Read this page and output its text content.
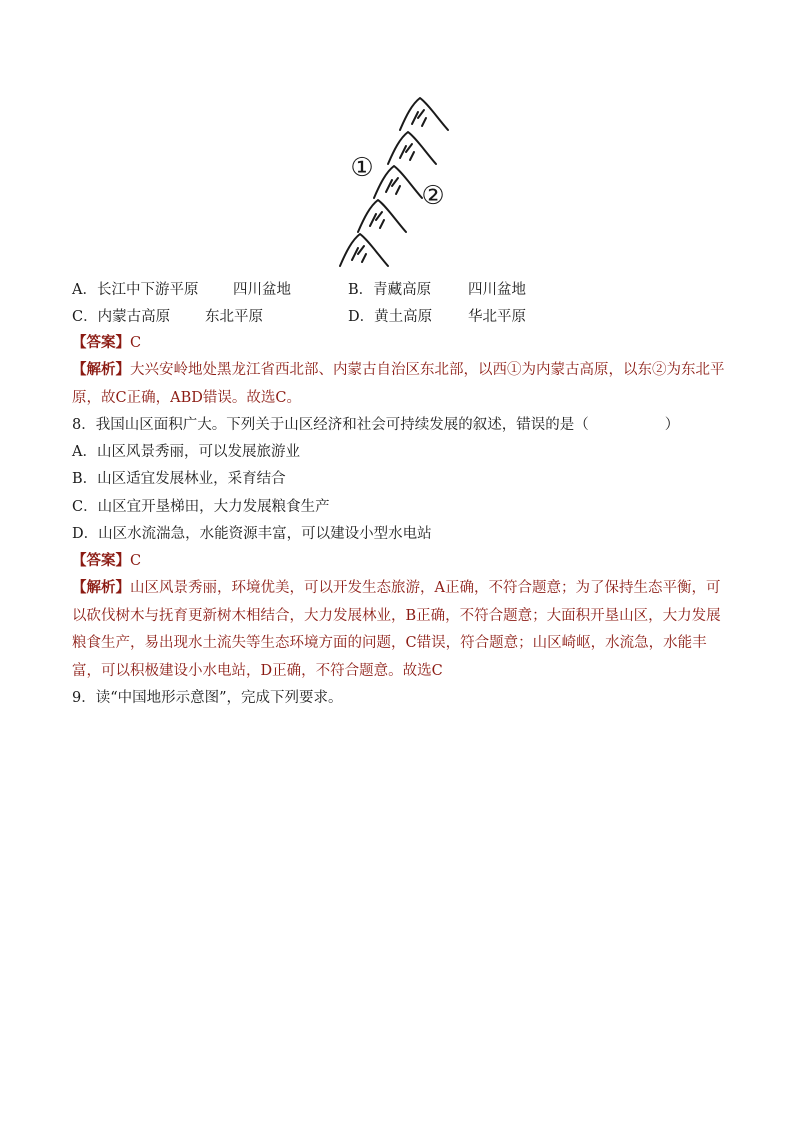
①
②
A．长江中下游平原 四川盆地	B．青藏高原	四川盆地
C．内蒙古高原 东北平原	D．黄土高原 华北平原
【答案】C
【解析】大兴安岭地处黑龙江省西北部、内蒙古自治区东北部，以西①为内蒙古高原，以东②为东北平原，故C正确，ABD错误。故选C。
8．我国山区面积广大。下列关于山区经济和社会可持续发展的叙述，错误的是（	）
A．山区风景秀丽，可以发展旅游业
B．山区适宜发展林业，采育结合
C．山区宜开垦梯田，大力发展粮食生产
D．山区水流湍急，水能资源丰富，可以建设小型水电站
【答案】C
【解析】山区风景秀丽，环境优美，可以开发生态旅游，A正确，不符合题意；为了保持生态平衡，可以砍伐树木与抚育更新树木相结合，大力发展林业，B正确，不符合题意；大面积开垦山区，大力发展粮食生产，易出现水土流失等生态环境方面的问题，C错误，符合题意；山区崎岖，水流急，水能丰富，可以积极建设小水电站，D正确，不符合题意。故选C
9．读“中国地形示意图”，完成下列要求。
